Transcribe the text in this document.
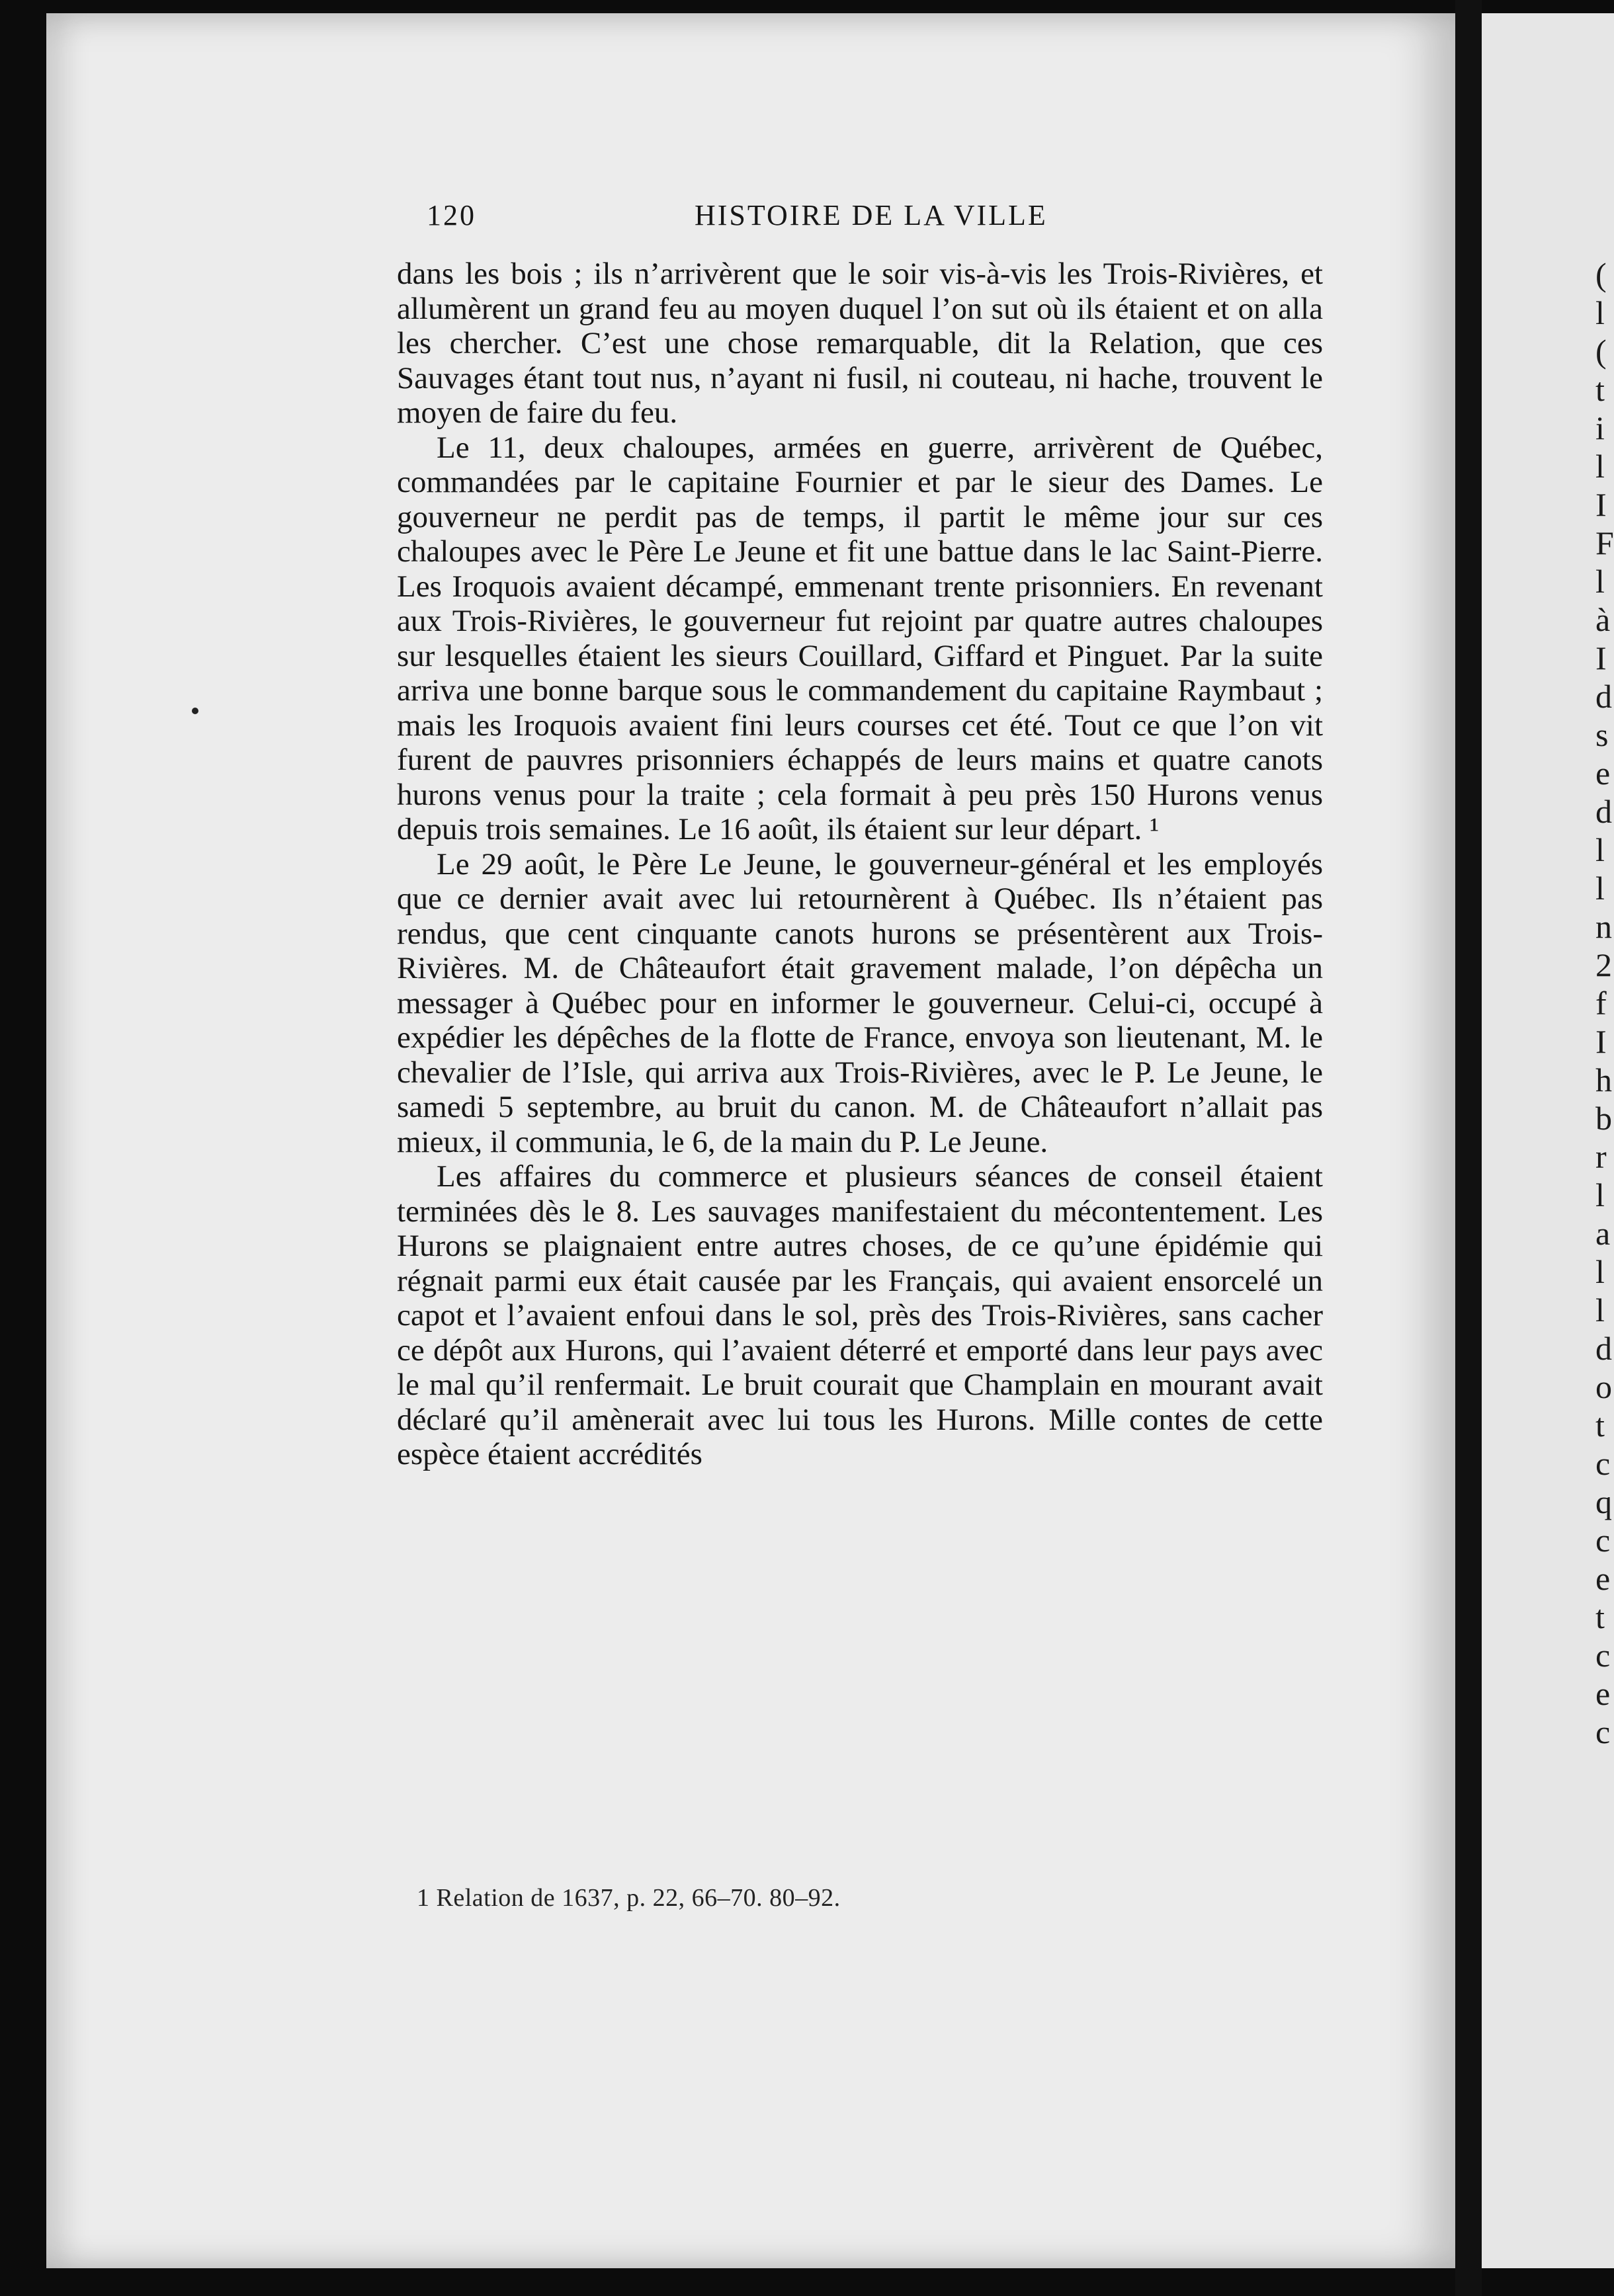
120	HISTOIRE DE LA VILLE

dans les bois ; ils n’arrivèrent que le soir vis-à-vis les Trois-Rivières, et allumèrent un grand feu au moyen duquel l’on sut où ils étaient et on alla les chercher. C’est une chose remarquable, dit la Relation, que ces Sauvages étant tout nus, n’ayant ni fusil, ni couteau, ni hache, trouvent le moyen de faire du feu.

Le 11, deux chaloupes, armées en guerre, arrivèrent de Québec, commandées par le capitaine Fournier et par le sieur des Dames. Le gouverneur ne perdit pas de temps, il partit le même jour sur ces chaloupes avec le Père Le Jeune et fit une battue dans le lac Saint-Pierre. Les Iroquois avaient décampé, emmenant trente prisonniers. En revenant aux Trois-Rivières, le gouverneur fut rejoint par quatre autres chaloupes sur lesquelles étaient les sieurs Couillard, Giffard et Pinguet. Par la suite arriva une bonne barque sous le commandement du capitaine Raymbaut ; mais les Iroquois avaient fini leurs courses cet été. Tout ce que l’on vit furent de pauvres prisonniers échappés de leurs mains et quatre canots hurons venus pour la traite ; cela formait à peu près 150 Hurons venus depuis trois semaines. Le 16 août, ils étaient sur leur départ. ¹

Le 29 août, le Père Le Jeune, le gouverneur-général et les employés que ce dernier avait avec lui retournèrent à Québec. Ils n’étaient pas rendus, que cent cinquante canots hurons se présentèrent aux Trois-Rivières. M. de Châteaufort était gravement malade, l’on dépêcha un messager à Québec pour en informer le gouverneur. Celui-ci, occupé à expédier les dépêches de la flotte de France, envoya son lieutenant, M. le chevalier de l’Isle, qui arriva aux Trois-Rivières, avec le P. Le Jeune, le samedi 5 septembre, au bruit du canon. M. de Châteaufort n’allait pas mieux, il communia, le 6, de la main du P. Le Jeune.

Les affaires du commerce et plusieurs séances de conseil étaient terminées dès le 8. Les sauvages manifestaient du mécontentement. Les Hurons se plaignaient entre autres choses, de ce qu’une épidémie qui régnait parmi eux était causée par les Français, qui avaient ensorcelé un capot et l’avaient enfoui dans le sol, près des Trois-Rivières, sans cacher ce dépôt aux Hurons, qui l’avaient déterré et emporté dans leur pays avec le mal qu’il renfermait. Le bruit courait que Champlain en mourant avait déclaré qu’il amènerait avec lui tous les Hurons. Mille contes de cette espèce étaient accrédités

1 Relation de 1637, p. 22, 66–70. 80–92.
(
l
(
t
i
l
I
F
l
à
I
d
s
e
d
l
l
n
2
f
I
h
b
r
l
a
l
l
d
o
t
c
q
c
e
t
c
e
c
